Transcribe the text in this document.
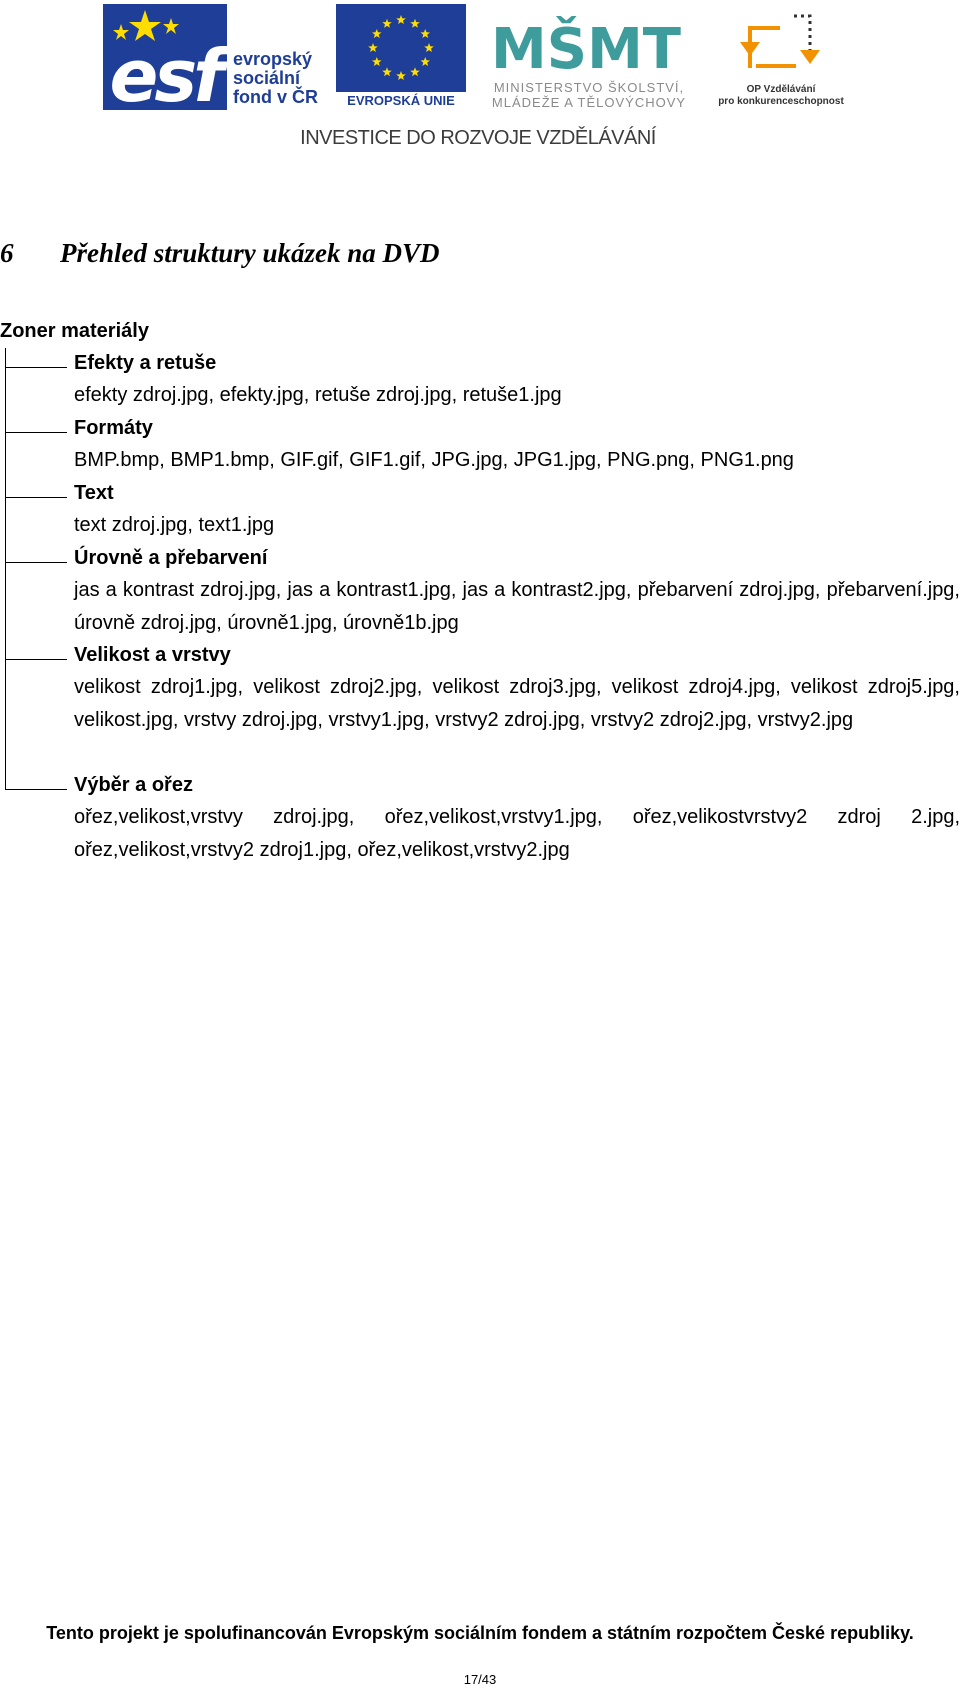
esf evropský
sociální
fond v ČR	EVROPSKÁ UNIE
MŠMT
MINISTERSTVO ŠKOLSTVÍ,
MLÁDEŽE A TĚLOVÝCHOVY
OP Vzdělávání
pro konkurenceschopnost
INVESTICE DO ROZVOJE VZDĚLÁVÁNÍ
6 Přehled struktury ukázek na DVD
Zoner materiály
Efekty a retuše
efekty zdroj.jpg, efekty.jpg, retuše zdroj.jpg, retuše1.jpg
Formáty
BMP.bmp, BMP1.bmp, GIF.gif, GIF1.gif, JPG.jpg, JPG1.jpg, PNG.png, PNG1.png
Text
text zdroj.jpg, text1.jpg
Úrovně a přebarvení
jas a kontrast zdroj.jpg, jas a kontrast1.jpg, jas a kontrast2.jpg, přebarvení zdroj.jpg, přebarvení.jpg, úrovně zdroj.jpg, úrovně1.jpg, úrovně1b.jpg
Velikost a vrstvy
velikost zdroj1.jpg, velikost zdroj2.jpg, velikost zdroj3.jpg, velikost zdroj4.jpg, velikost zdroj5.jpg, velikost.jpg, vrstvy zdroj.jpg, vrstvy1.jpg, vrstvy2 zdroj.jpg, vrstvy2 zdroj2.jpg, vrstvy2.jpg
Výběr a ořez
ořez,velikost,vrstvy zdroj.jpg, ořez,velikost,vrstvy1.jpg, ořez,velikostvrstvy2 zdroj 2.jpg, ořez,velikost,vrstvy2 zdroj1.jpg, ořez,velikost,vrstvy2.jpg
Tento projekt je spolufinancován Evropským sociálním fondem a státním rozpočtem České republiky.
17/43
